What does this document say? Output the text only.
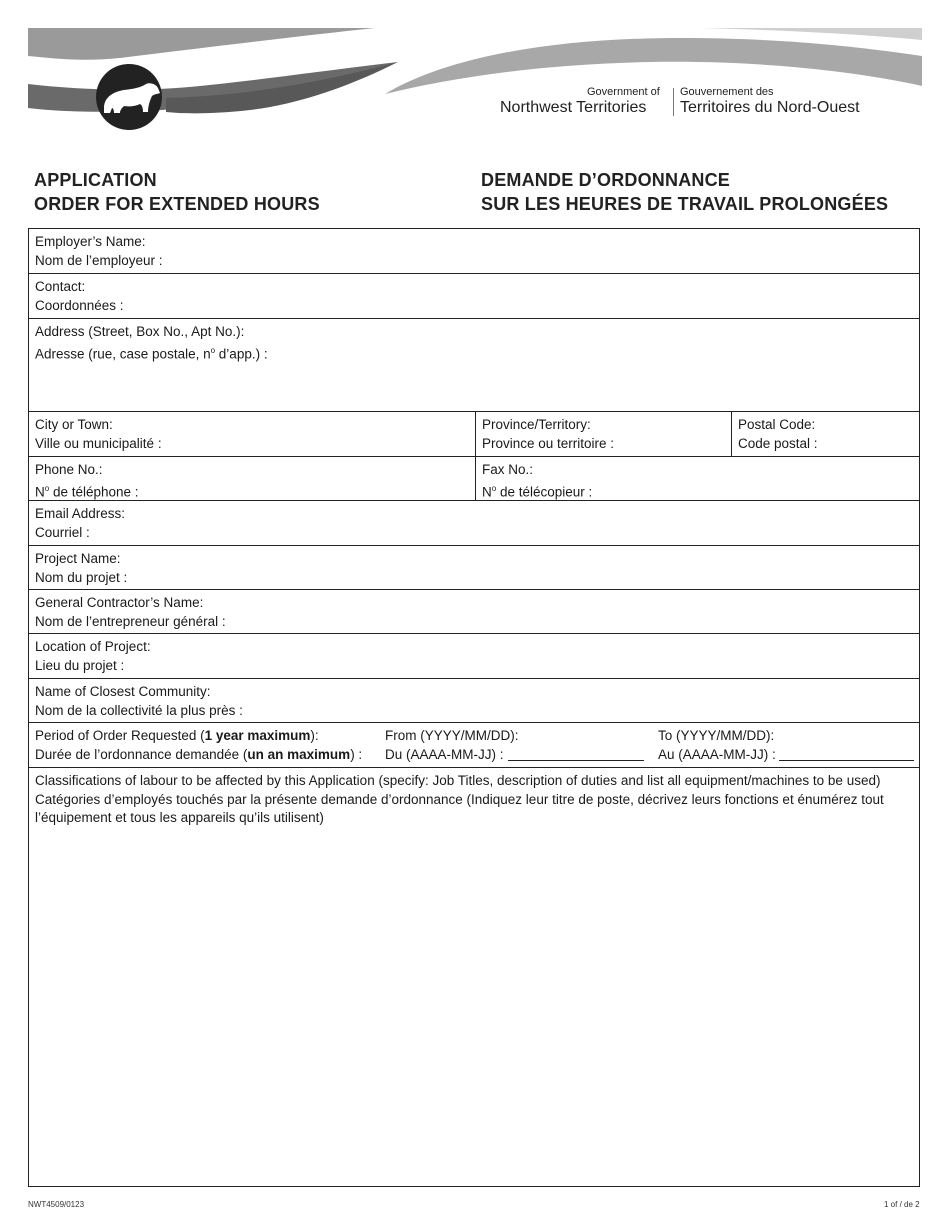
Government of
Northwest Territories
Gouvernement des
Territoires du Nord-Ouest
APPLICATION
ORDER FOR EXTENDED HOURS
DEMANDE D’ORDONNANCE
SUR LES HEURES DE TRAVAIL PROLONGÉES
Employer’s Name:
Nom de l’employeur :
Contact:
Coordonnées :
Address (Street, Box No., Apt No.):
Adresse (rue, case postale, $n^o$ d’app.) :
City or Town:
Ville ou municipalité :
Province/Territory:
Province ou territoire :
Postal Code:
Code postal :
Phone No.:
$N^o$ de téléphone :
Fax No.:
$N^o$ de télécopieur :
Email Address:
Courriel :
Project Name:
Nom du projet :
General Contractor’s Name:
Nom de l’entrepreneur général :
Location of Project:
Lieu du projet :
Name of Closest Community:
Nom de la collectivité la plus près :
Period of Order Requested (1 year maximum):
Durée de l’ordonnance demandée (un an maximum) :
From (YYYY/MM/DD):
Du (AAAA-MM-JJ) :
To (YYYY/MM/DD):
Au (AAAA-MM-JJ) :
Classifications of labour to be affected by this Application (specify: Job Titles, description of duties and list all equipment/machines to be used)
Catégories d’employés touchés par la présente demande d’ordonnance (Indiquez leur titre de poste, décrivez leurs fonctions et énumérez tout l’équipement et tous les appareils qu’ils utilisent)
NWT4509/0123	1 of / de 2
